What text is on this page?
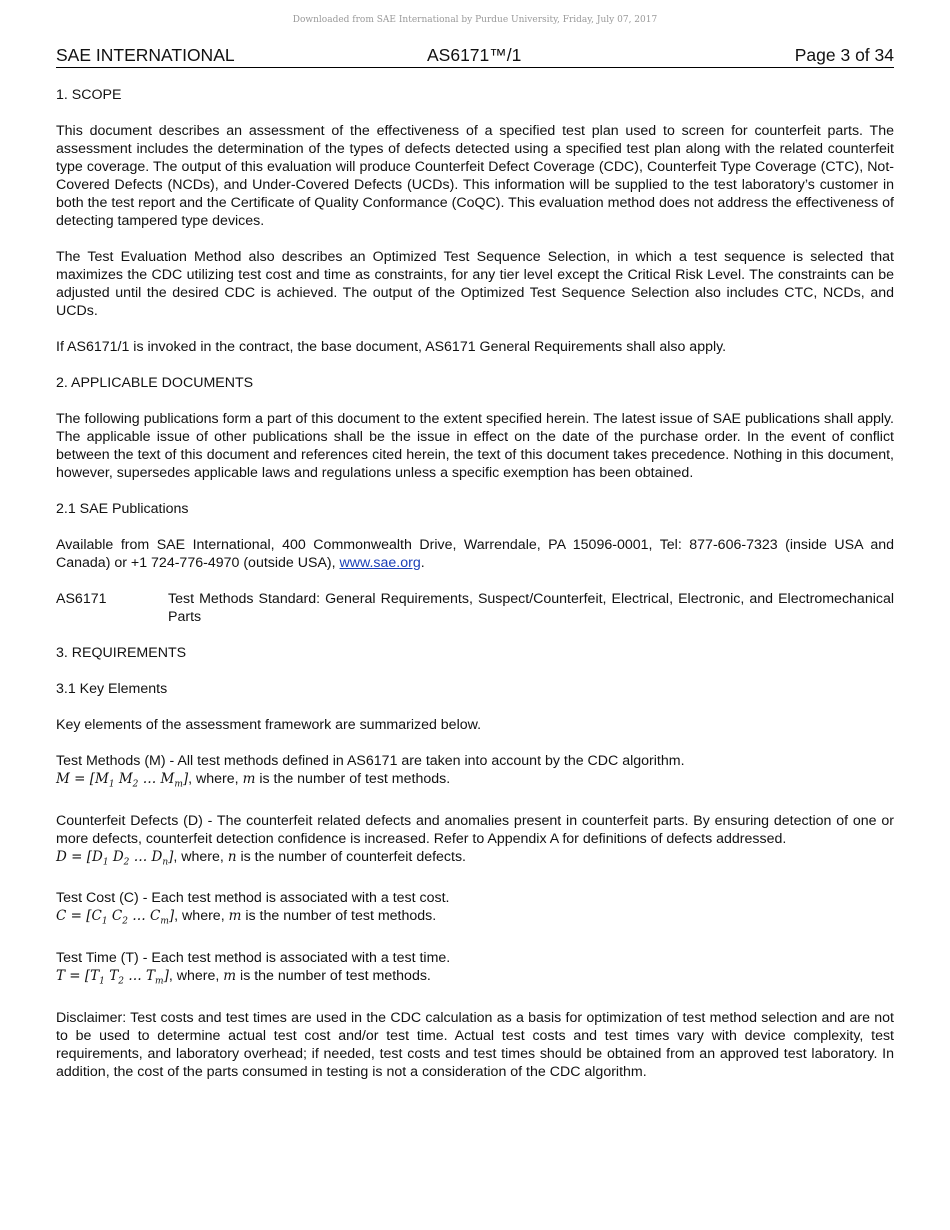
Downloaded from SAE International by Purdue University, Friday, July 07, 2017
SAE INTERNATIONAL	AS6171™/1	Page 3 of 34

1. SCOPE

This document describes an assessment of the effectiveness of a specified test plan used to screen for counterfeit parts. The assessment includes the determination of the types of defects detected using a specified test plan along with the related counterfeit type coverage. The output of this evaluation will produce Counterfeit Defect Coverage (CDC), Counterfeit Type Coverage (CTC), Not-Covered Defects (NCDs), and Under-Covered Defects (UCDs). This information will be supplied to the test laboratory’s customer in both the test report and the Certificate of Quality Conformance (CoQC). This evaluation method does not address the effectiveness of detecting tampered type devices.

The Test Evaluation Method also describes an Optimized Test Sequence Selection, in which a test sequence is selected that maximizes the CDC utilizing test cost and time as constraints, for any tier level except the Critical Risk Level. The constraints can be adjusted until the desired CDC is achieved. The output of the Optimized Test Sequence Selection also includes CTC, NCDs, and UCDs.

If AS6171/1 is invoked in the contract, the base document, AS6171 General Requirements shall also apply.

2. APPLICABLE DOCUMENTS

The following publications form a part of this document to the extent specified herein. The latest issue of SAE publications shall apply. The applicable issue of other publications shall be the issue in effect on the date of the purchase order. In the event of conflict between the text of this document and references cited herein, the text of this document takes precedence. Nothing in this document, however, supersedes applicable laws and regulations unless a specific exemption has been obtained.

2.1 SAE Publications

Available from SAE International, 400 Commonwealth Drive, Warrendale, PA 15096-0001, Tel: 877-606-7323 (inside USA and Canada) or +1 724-776-4970 (outside USA), www.sae.org.

AS6171	Test Methods Standard: General Requirements, Suspect/Counterfeit, Electrical, Electronic, and Electromechanical Parts

3. REQUIREMENTS

3.1 Key Elements

Key elements of the assessment framework are summarized below.

Test Methods (M) - All test methods defined in AS6171 are taken into account by the CDC algorithm.

$M = [M_1$ $M_2$ … $M_m$], where, m is the number of test methods.

Counterfeit Defects (D) - The counterfeit related defects and anomalies present in counterfeit parts. By ensuring detection of one or more defects, counterfeit detection confidence is increased. Refer to Appendix A for definitions of defects addressed.

$D = [D_1$ $D_2$ … $D_n$], where, n is the number of counterfeit defects.

Test Cost (C) - Each test method is associated with a test cost.

$C = [C_1$ $C_2$ … $C_m$], where, m is the number of test methods.

Test Time (T) - Each test method is associated with a test time.

$T = [T_1$ $T_2$ … $T_m$], where, m is the number of test methods.

Disclaimer: Test costs and test times are used in the CDC calculation as a basis for optimization of test method selection and are not to be used to determine actual test cost and/or test time. Actual test costs and test times vary with device complexity, test requirements, and laboratory overhead; if needed, test costs and test times should be obtained from an approved test laboratory. In addition, the cost of the parts consumed in testing is not a consideration of the CDC algorithm.
